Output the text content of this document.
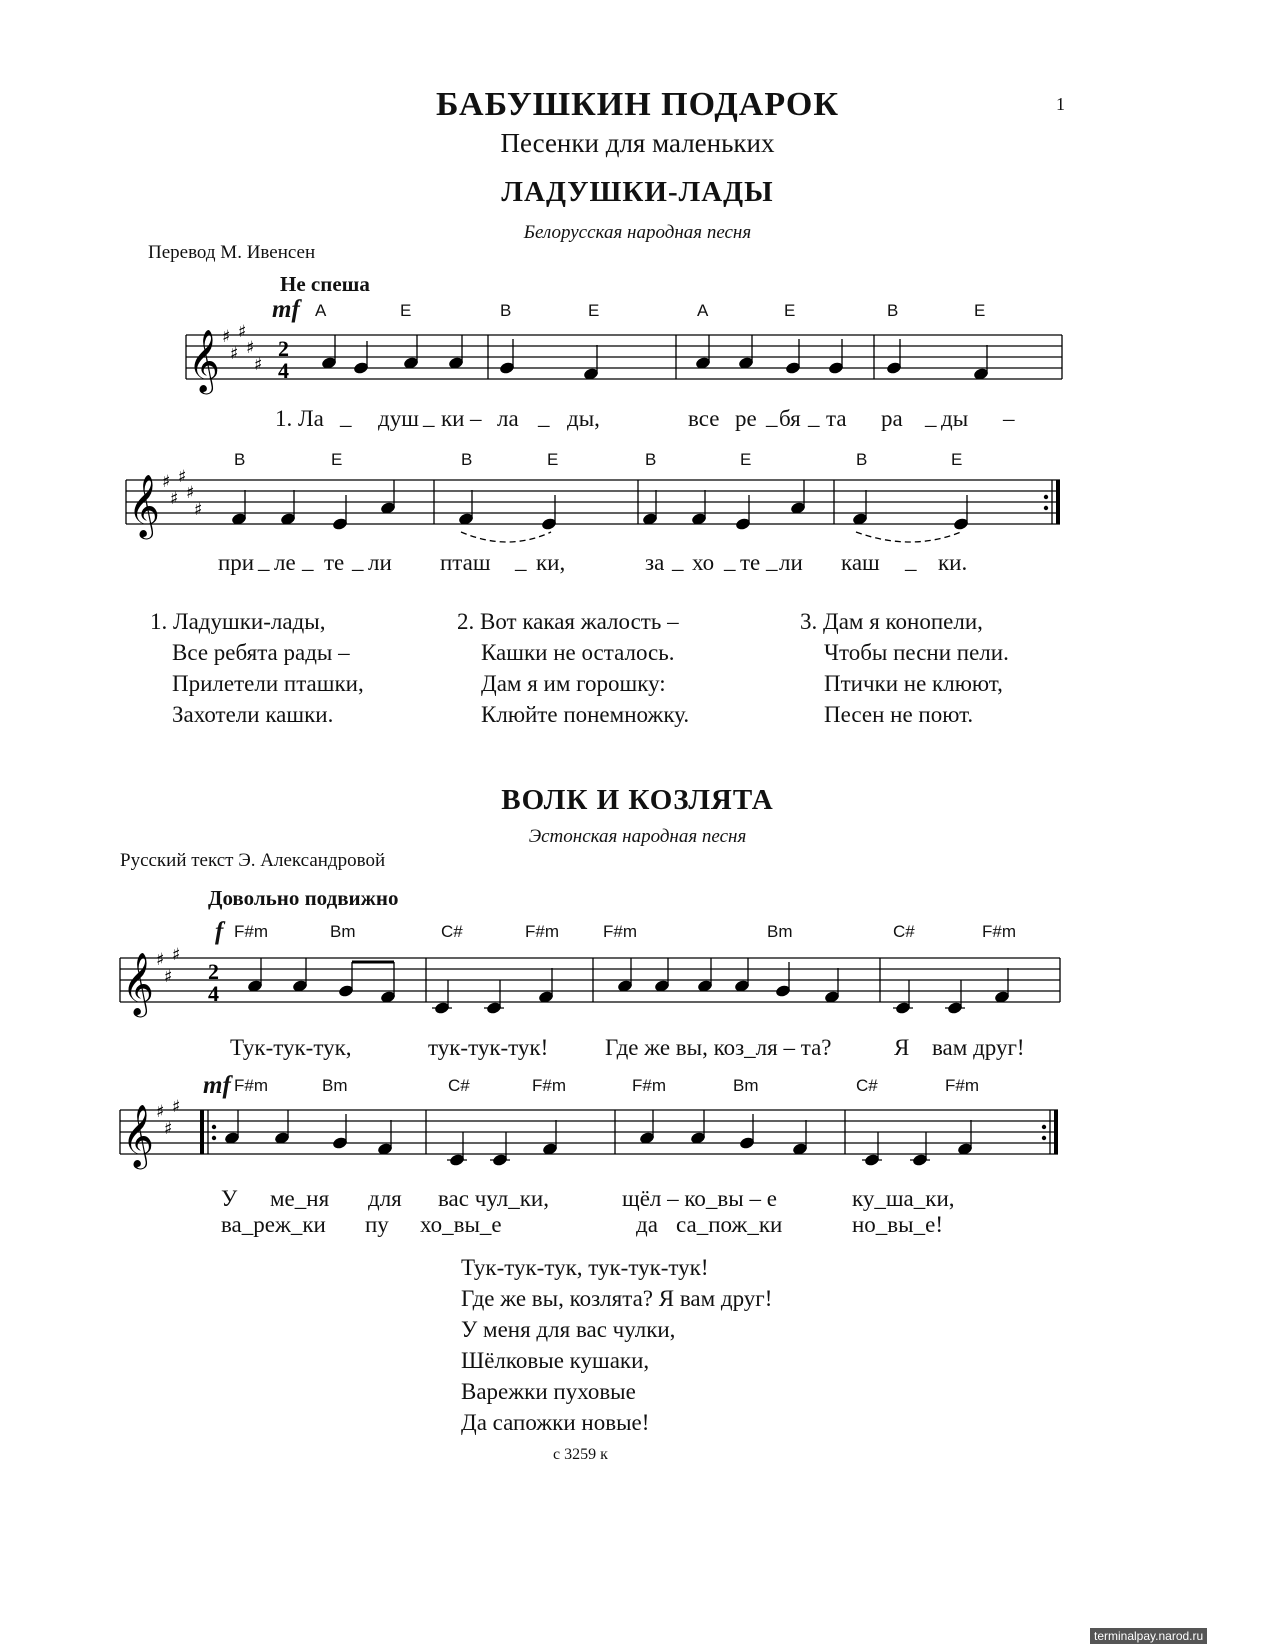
БАБУШКИН ПОДАРОК	1
Песенки для маленьких
ЛАДУШКИ-ЛАДЫ
Белорусская народная песня
Перевод М. Ивенсен
Не спеша
mf A	E	B	E	A	E	B	E
𝄞 ♯
♯
♯
♯
♯
2
4
1. Ла _ душ _ ки – ла _ ды,	все ре _ бя _ та ра _ ды –
B	E	B	E	B	E	B	E
𝄞 ♯
♯
♯
♯
♯
при _ ле _ те _ ли пташ _ ки,	за _ хо _ те _ ли каш _ ки.
1. Ладушки-лады,
Все ребята рады –
Прилетели пташки,
Захотели кашки.
2. Вот какая жалость –
Кашки не осталось.
Дам я им горошку:
Клюйте понемножку.
3. Дам я конопели,
Чтобы песни пели.
Птички не клюют,
Песен не поют.
ВОЛК И КОЗЛЯТА
Эстонская народная песня
Русский текст Э. Александровой
Довольно подвижно
f F#m	Bm	C#	F#m	F#m	Bm	C#	F#m
𝄞 ♯
♯
♯
2
4
Тук-тук-тук,	тук-тук-тук! Где же вы, коз_ля – та?	Я вам друг!
mf F#m	Bm	C#	F#m	F#m	Bm	C#	F#m
𝄞 ♯
♯
♯
У ме_ня для вас чул_ки,	щёл – ко_вы – е	ку_ша_ки,
ва_реж_ки пу хо_вы_е	да са_пож_ки	но_вы_е!
Тук-тук-тук, тук-тук-тук!
Где же вы, козлята? Я вам друг!
У меня для вас чулки,
Шёлковые кушаки,
Варежки пуховые
Да сапожки новые!
с 3259 к
terminalpay.narod.ru
